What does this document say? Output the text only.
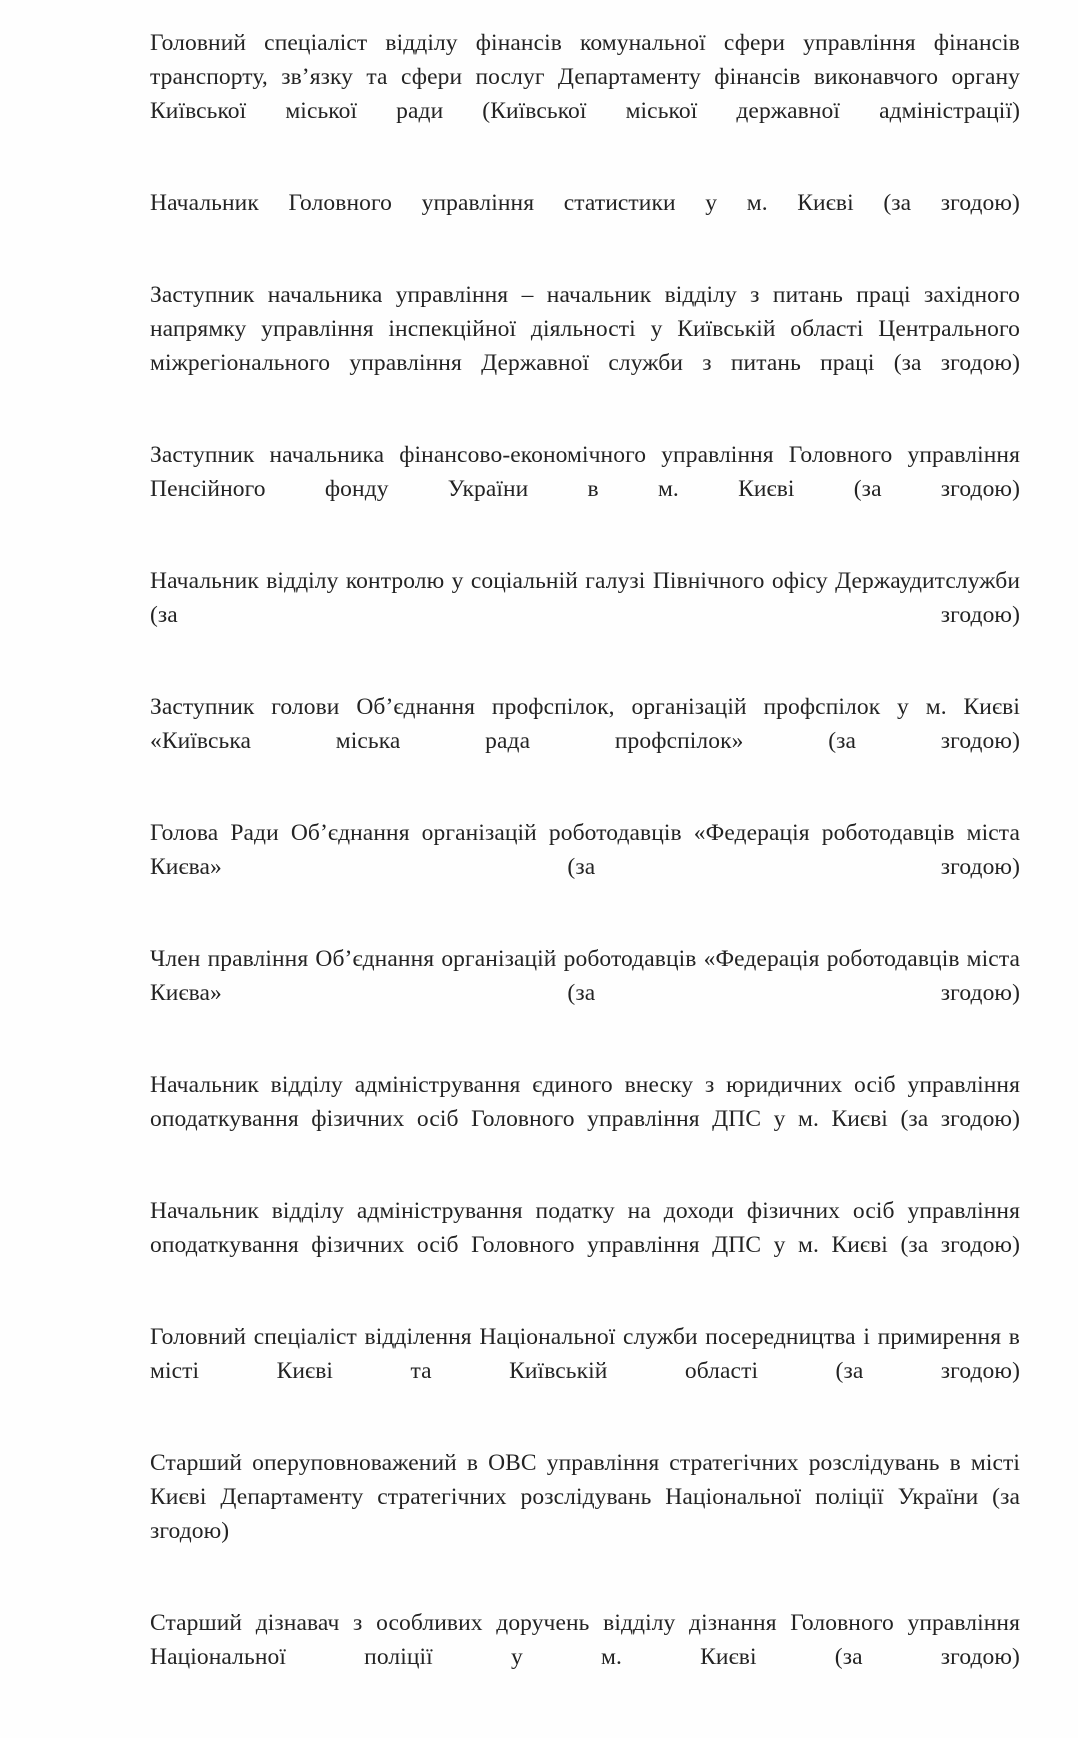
Головний спеціаліст відділу фінансів комунальної сфери управління фінансів транспорту, зв’язку та сфери послуг Департаменту фінансів виконавчого органу Київської міської ради (Київської міської державної адміністрації)

Начальник Головного управління статистики у м. Києві (за згодою)

Заступник начальника управління – начальник відділу з питань праці західного напрямку управління інспекційної діяльності у Київській області Центрального міжрегіонального управління Державної служби з питань праці (за згодою)

Заступник начальника фінансово-економічного управління Головного управління Пенсійного фонду України в м. Києві (за згодою)

Начальник відділу контролю у соціальній галузі Північного офісу Держаудитслужби (за згодою)

Заступник голови Об’єднання профспілок, організацій профспілок у м. Києві «Київська міська рада профспілок» (за згодою)

Голова Ради Об’єднання організацій роботодавців «Федерація роботодавців міста Києва» (за згодою)

Член правління Об’єднання організацій роботодавців «Федерація роботодавців міста Києва» (за згодою)

Начальник відділу адміністрування єдиного внеску з юридичних осіб управління оподаткування фізичних осіб Головного управління ДПС у м. Києві (за згодою)

Начальник відділу адміністрування податку на доходи фізичних осіб управління оподаткування фізичних осіб Головного управління ДПС у м. Києві (за згодою)

Головний спеціаліст відділення Національної служби посередництва і примирення в місті Києві та Київській області (за згодою)

Старший оперуповноважений в ОВС управління стратегічних розслідувань в місті Києві Департаменту стратегічних розслідувань Національної поліції України (за згодою)

Старший дізнавач з особливих доручень відділу дізнання Головного управління Національної поліції у м. Києві (за згодою)
